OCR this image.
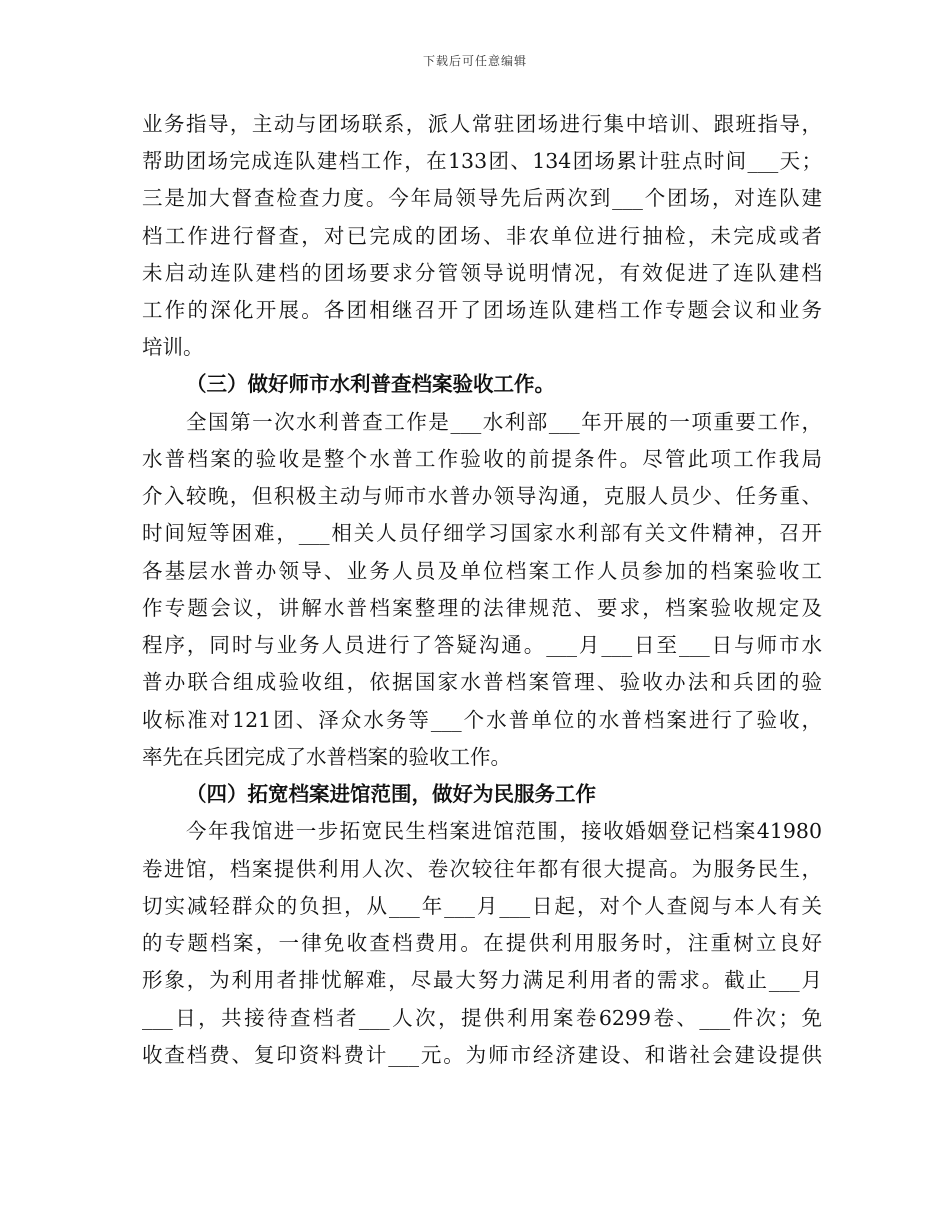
下载后可任意编辑
业务指导，主动与团场联系，派人常驻团场进行集中培训、跟班指导，
帮助团场完成连队建档工作，在133团、134团场累计驻点时间___天；
三是加大督查检查力度。今年局领导先后两次到___个团场，对连队建
档工作进行督查，对已完成的团场、非农单位进行抽检，未完成或者
未启动连队建档的团场要求分管领导说明情况，有效促进了连队建档
工作的深化开展。各团相继召开了团场连队建档工作专题会议和业务
培训。
（三）做好师市水利普查档案验收工作。
全国第一次水利普查工作是___水利部___年开展的一项重要工作，
水普档案的验收是整个水普工作验收的前提条件。尽管此项工作我局
介入较晚，但积极主动与师市水普办领导沟通，克服人员少、任务重、
时间短等困难，___相关人员仔细学习国家水利部有关文件精神，召开
各基层水普办领导、业务人员及单位档案工作人员参加的档案验收工
作专题会议，讲解水普档案整理的法律规范、要求，档案验收规定及
程序，同时与业务人员进行了答疑沟通。___月___日至___日与师市水
普办联合组成验收组，依据国家水普档案管理、验收办法和兵团的验
收标准对121团、泽众水务等___个水普单位的水普档案进行了验收，
率先在兵团完成了水普档案的验收工作。
（四）拓宽档案进馆范围，做好为民服务工作
今年我馆进一步拓宽民生档案进馆范围，接收婚姻登记档案41980
卷进馆，档案提供利用人次、卷次较往年都有很大提高。为服务民生，
切实减轻群众的负担，从___年___月___日起，对个人查阅与本人有关
的专题档案，一律免收查档费用。在提供利用服务时，注重树立良好
形象，为利用者排忧解难，尽最大努力满足利用者的需求。截止___月
___日，共接待查档者___人次，提供利用案卷6299卷、___件次；免
收查档费、复印资料费计___元。为师市经济建设、和谐社会建设提供
